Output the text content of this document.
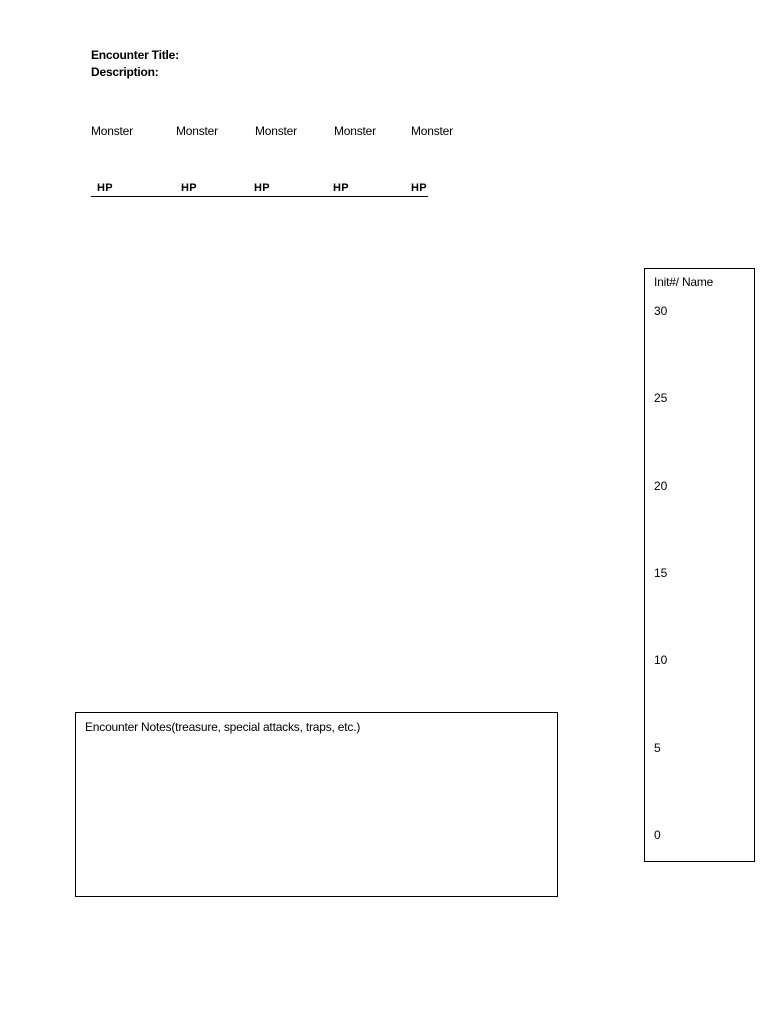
Encounter Title:
Description:
Monster	Monster	Monster	Monster	Monster
HP	HP	HP	HP	HP
Encounter Notes(treasure, special attacks, traps, etc.)
Init#/ Name
30
25
20
15
10
5
0
